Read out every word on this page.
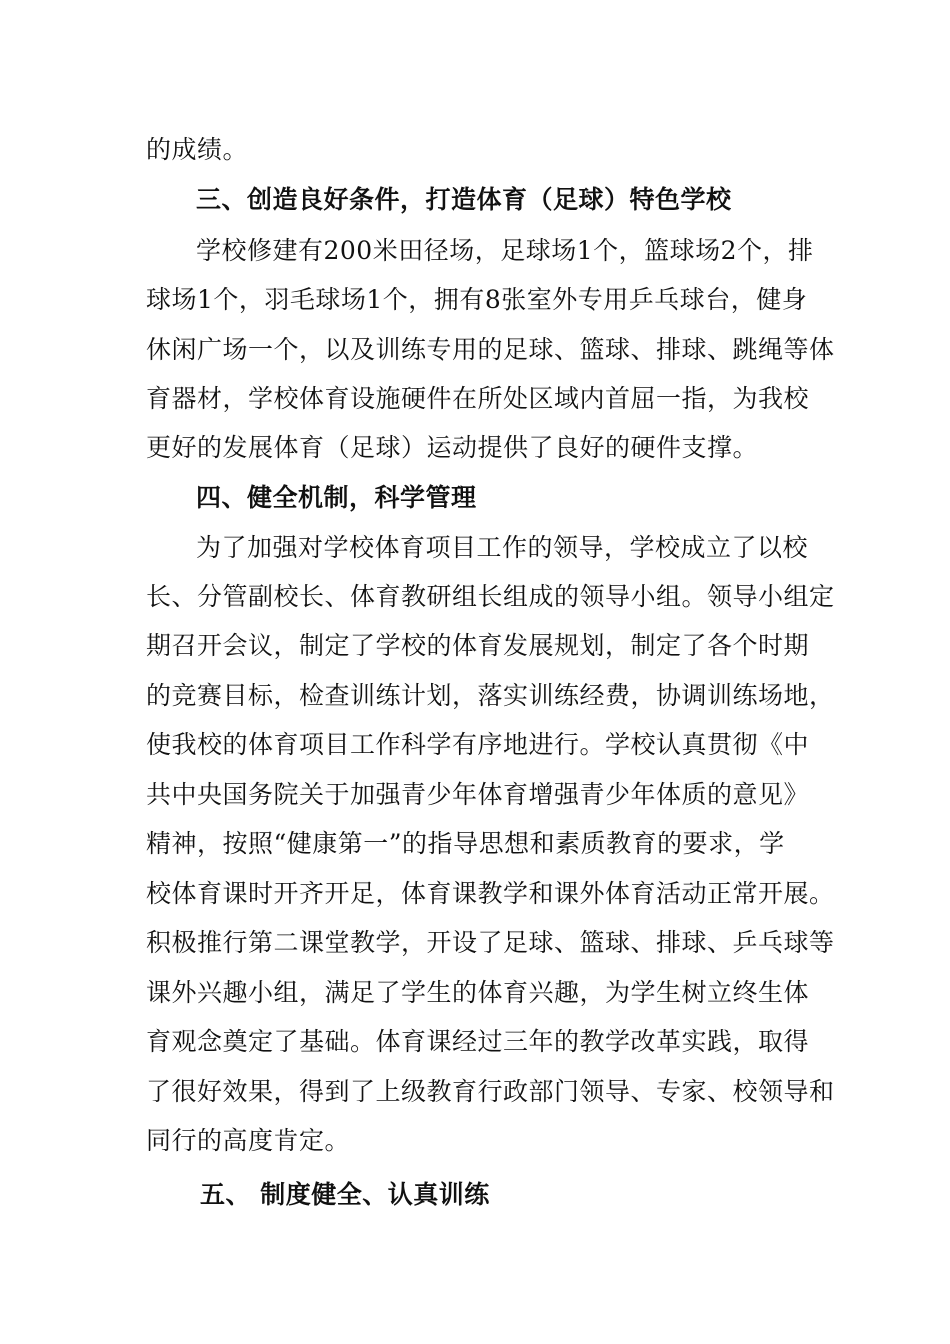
的成绩。
三、创造良好条件，打造体育（足球）特色学校
学校修建有200米田径场，足球场1个，篮球场2个，排
球场1个，羽毛球场1个，拥有8张室外专用乒乓球台，健身
休闲广场一个，以及训练专用的足球、篮球、排球、跳绳等体
育器材，学校体育设施硬件在所处区域内首屈一指，为我校
更好的发展体育（足球）运动提供了良好的硬件支撑。
四、健全机制，科学管理
为了加强对学校体育项目工作的领导，学校成立了以校
长、分管副校长、体育教研组长组成的领导小组。领导小组定
期召开会议，制定了学校的体育发展规划，制定了各个时期
的竞赛目标，检查训练计划，落实训练经费，协调训练场地，
使我校的体育项目工作科学有序地进行。学校认真贯彻《中
共中央国务院关于加强青少年体育增强青少年体质的意见》
精神，按照“健康第一”的指导思想和素质教育的要求，学
校体育课时开齐开足，体育课教学和课外体育活动正常开展。
积极推行第二课堂教学，开设了足球、篮球、排球、乒乓球等
课外兴趣小组，满足了学生的体育兴趣，为学生树立终生体
育观念奠定了基础。体育课经过三年的教学改革实践，取得
了很好效果，得到了上级教育行政部门领导、专家、校领导和
同行的高度肯定。
五、 制度健全、认真训练
